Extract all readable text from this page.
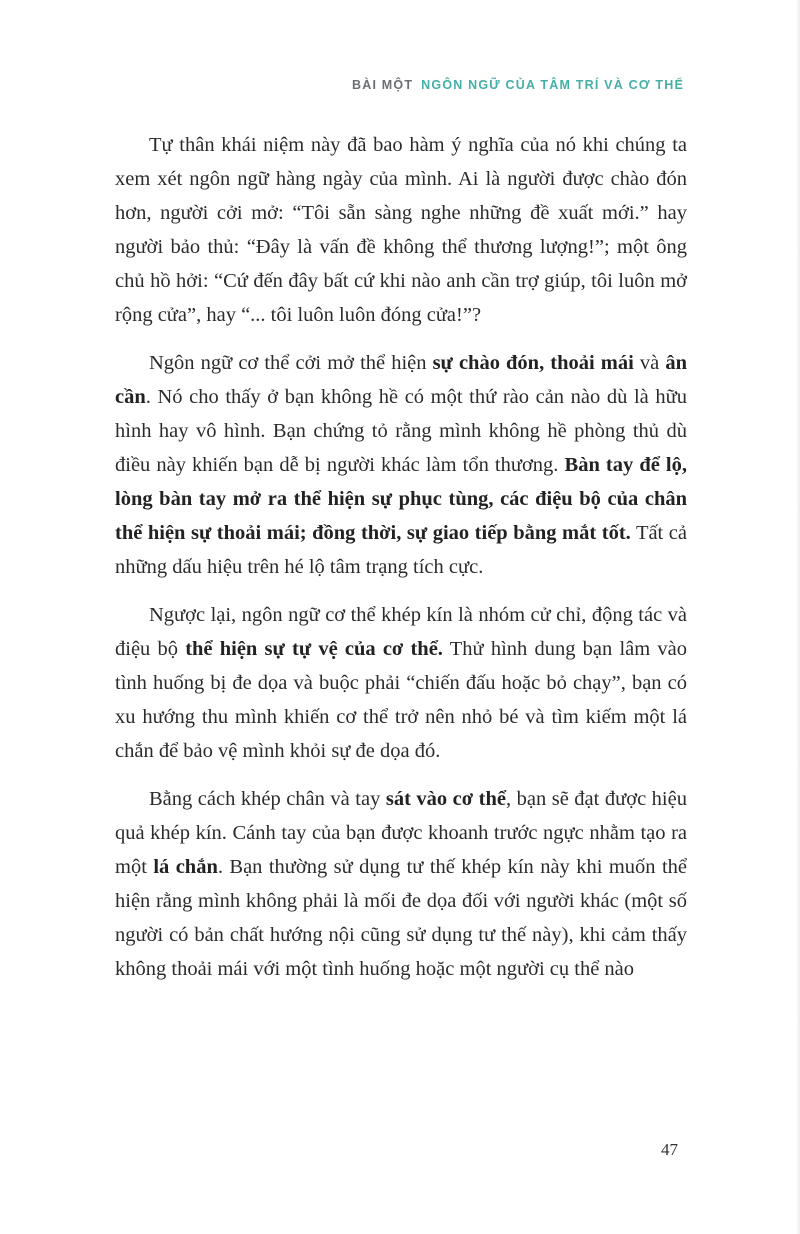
BÀI MỘT NGÔN NGỮ CỦA TÂM TRÍ VÀ CƠ THỂ

Tự thân khái niệm này đã bao hàm ý nghĩa của nó khi chúng ta xem xét ngôn ngữ hàng ngày của mình. Ai là người được chào đón hơn, người cởi mở: “Tôi sẵn sàng nghe những đề xuất mới.” hay người bảo thủ: “Đây là vấn đề không thể thương lượng!”; một ông chủ hồ hởi: “Cứ đến đây bất cứ khi nào anh cần trợ giúp, tôi luôn mở rộng cửa”, hay “... tôi luôn luôn đóng cửa!”?

Ngôn ngữ cơ thể cởi mở thể hiện sự chào đón, thoải mái và ân cần. Nó cho thấy ở bạn không hề có một thứ rào cản nào dù là hữu hình hay vô hình. Bạn chứng tỏ rằng mình không hề phòng thủ dù điều này khiến bạn dễ bị người khác làm tổn thương. Bàn tay để lộ, lòng bàn tay mở ra thể hiện sự phục tùng, các điệu bộ của chân thể hiện sự thoải mái; đồng thời, sự giao tiếp bằng mắt tốt. Tất cả những dấu hiệu trên hé lộ tâm trạng tích cực.

Ngược lại, ngôn ngữ cơ thể khép kín là nhóm cử chỉ, động tác và điệu bộ thể hiện sự tự vệ của cơ thể. Thử hình dung bạn lâm vào tình huống bị đe dọa và buộc phải “chiến đấu hoặc bỏ chạy”, bạn có xu hướng thu mình khiến cơ thể trở nên nhỏ bé và tìm kiếm một lá chắn để bảo vệ mình khỏi sự đe dọa đó.

Bằng cách khép chân và tay sát vào cơ thể, bạn sẽ đạt được hiệu quả khép kín. Cánh tay của bạn được khoanh trước ngực nhằm tạo ra một lá chắn. Bạn thường sử dụng tư thế khép kín này khi muốn thể hiện rằng mình không phải là mối đe dọa đối với người khác (một số người có bản chất hướng nội cũng sử dụng tư thế này), khi cảm thấy không thoải mái với một tình huống hoặc một người cụ thể nào

47
